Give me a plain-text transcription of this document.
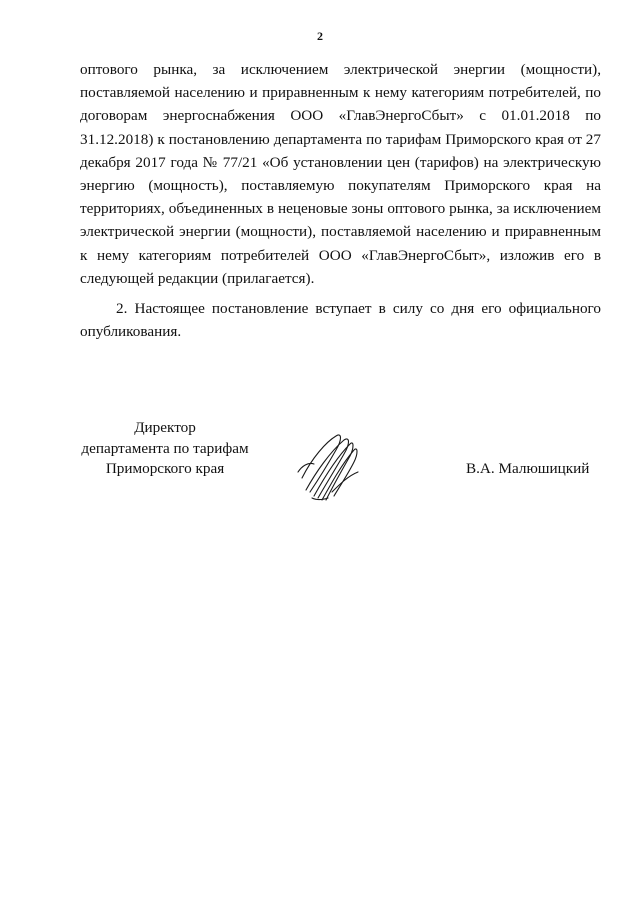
2
оптового рынка, за исключением электрической энергии (мощности),
поставляемой населению и приравненным к нему категориям потребителей, по
договорам энергоснабжения ООО «ГлавЭнергоСбыт» с 01.01.2018 по
31.12.2018) к постановлению департамента по тарифам Приморского края от 27
декабря 2017 года № 77/21 «Об установлении цен (тарифов) на электрическую
энергию (мощность), поставляемую покупателям Приморского края на
территориях, объединенных в неценовые зоны оптового рынка, за исключением
электрической энергии (мощности), поставляемой населению и приравненным
к нему категориям потребителей ООО «ГлавЭнергоСбыт», изложив его в
следующей редакции (прилагается).
2. Настоящее постановление вступает в силу со дня его официального
опубликования.
Директор
департамента по тарифам
Приморского края	В.А. Малюшицкий
